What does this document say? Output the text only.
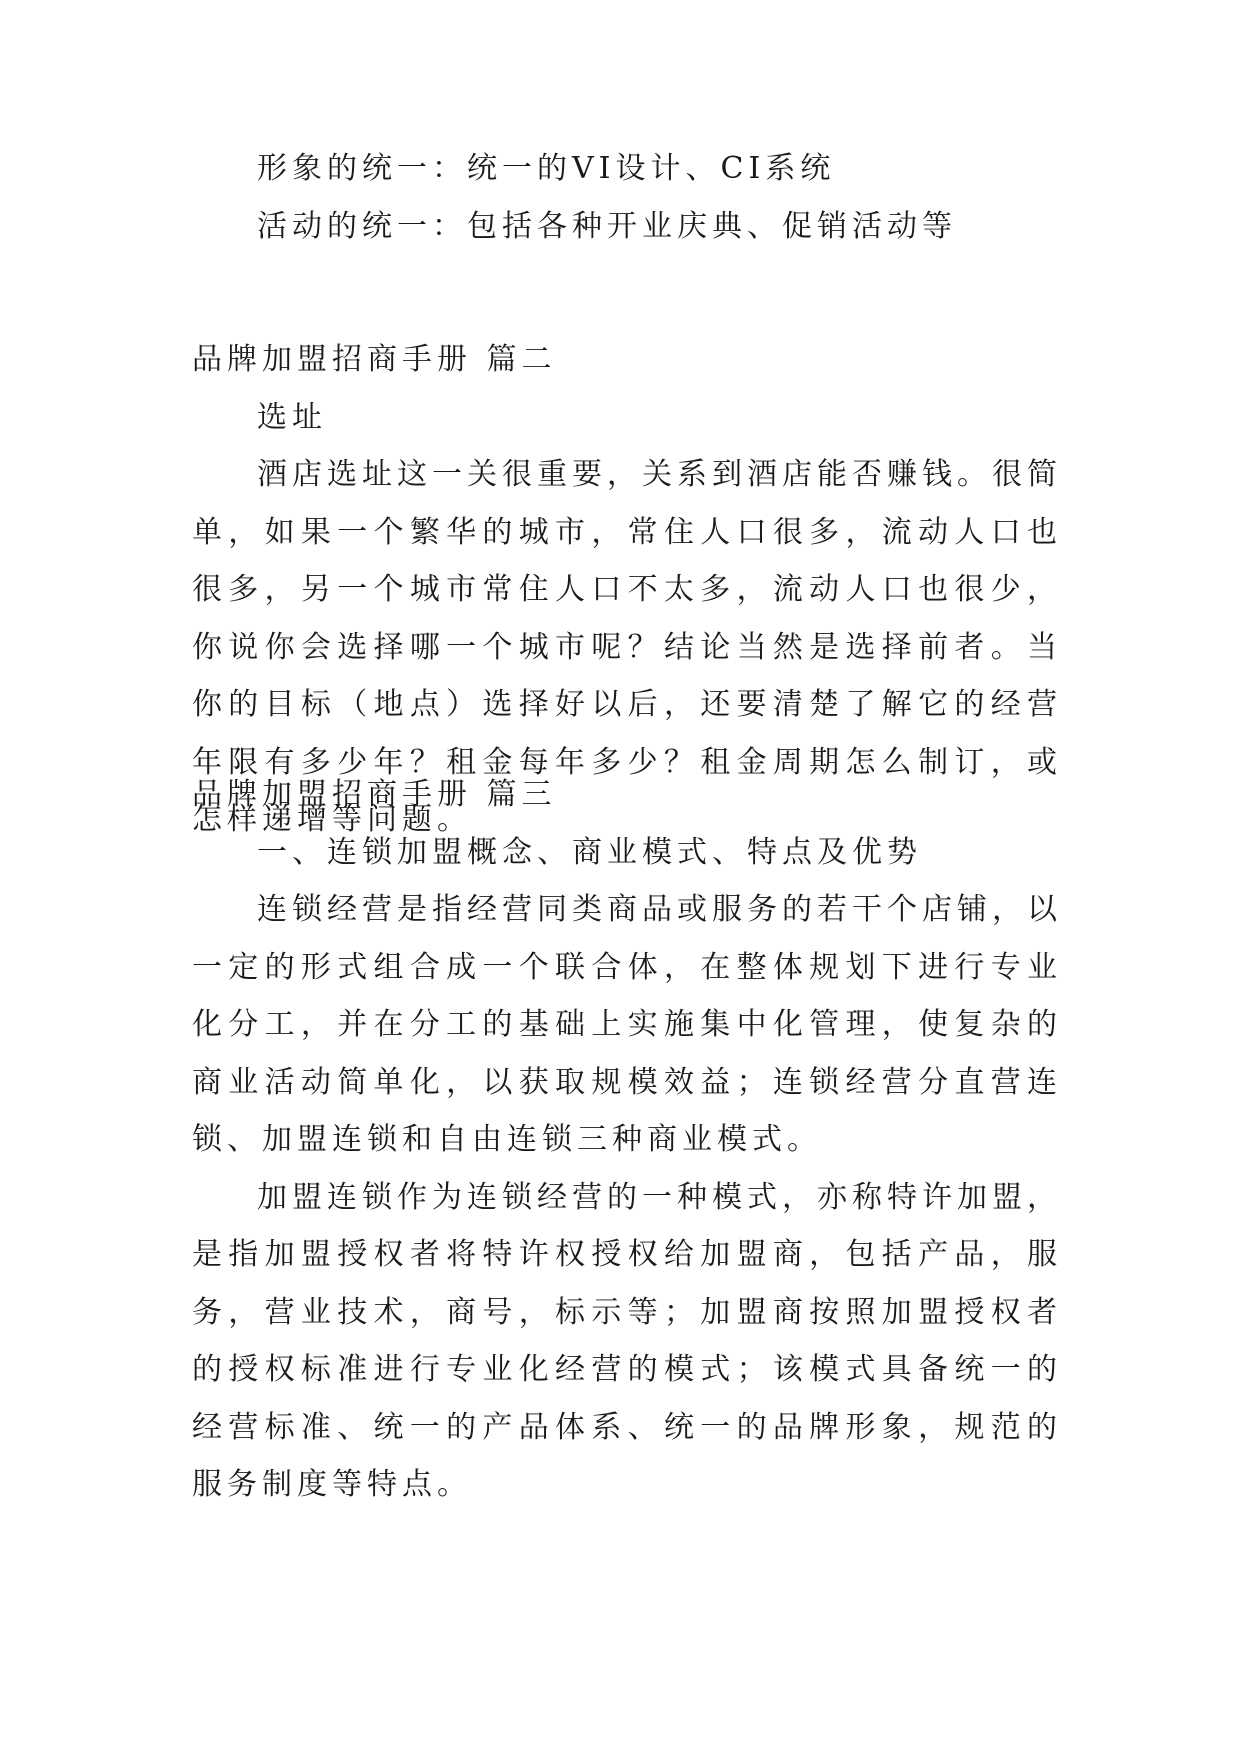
形象的统一：统一的VI设计、CI系统

活动的统一：包括各种开业庆典、促销活动等

品牌加盟招商手册 篇二

选址

酒店选址这一关很重要，关系到酒店能否赚钱。很简单，如果一个繁华的城市，常住人口很多，流动人口也很多，另一个城市常住人口不太多，流动人口也很少，你说你会选择哪一个城市呢？结论当然是选择前者。当你的目标（地点）选择好以后，还要清楚了解它的经营年限有多少年？租金每年多少？租金周期怎么制订，或怎样递增等问题。

品牌加盟招商手册 篇三

一、连锁加盟概念、商业模式、特点及优势

连锁经营是指经营同类商品或服务的若干个店铺，以一定的形式组合成一个联合体，在整体规划下进行专业化分工，并在分工的基础上实施集中化管理，使复杂的商业活动简单化，以获取规模效益；连锁经营分直营连锁、加盟连锁和自由连锁三种商业模式。

加盟连锁作为连锁经营的一种模式，亦称特许加盟，是指加盟授权者将特许权授权给加盟商，包括产品，服务，营业技术，商号，标示等；加盟商按照加盟授权者的授权标准进行专业化经营的模式；该模式具备统一的经营标准、统一的产品体系、统一的品牌形象，规范的服务制度等特点。
